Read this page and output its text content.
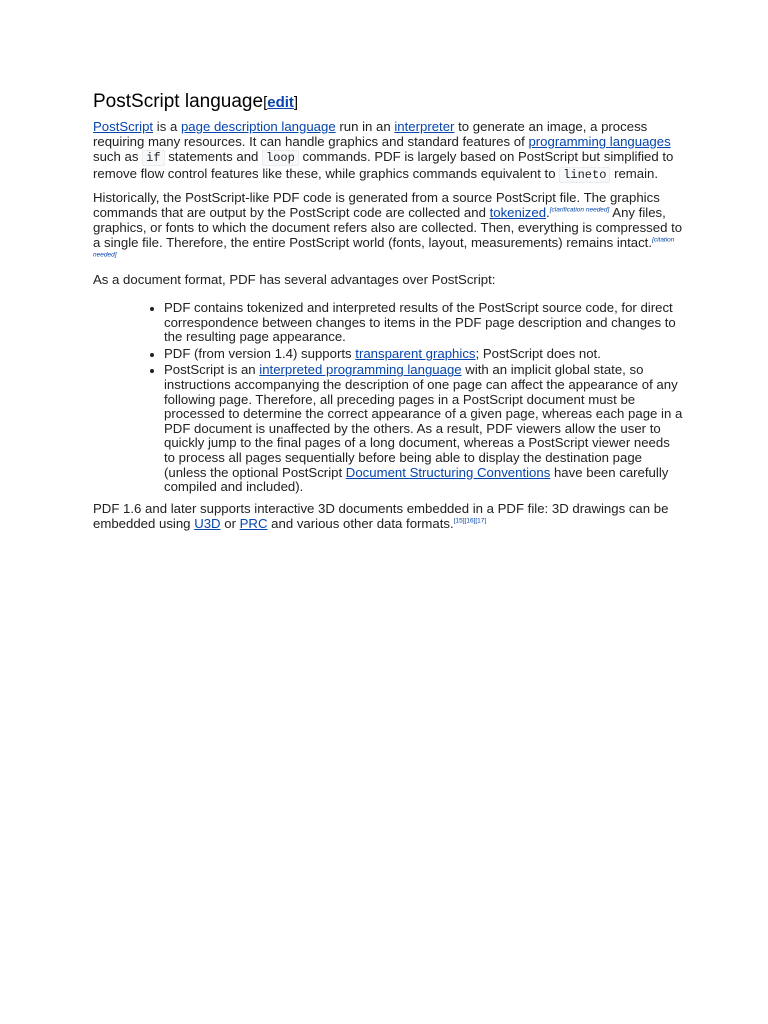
PostScript language[edit]

PostScript is a page description language run in an interpreter to generate an image, a process requiring many resources. It can handle graphics and standard features of programming languages such as if statements and loop commands. PDF is largely based on PostScript but simplified to remove flow control features like these, while graphics commands equivalent to lineto remain.

Historically, the PostScript-like PDF code is generated from a source PostScript file. The graphics commands that are output by the PostScript code are collected and tokenized.[clarification needed] Any files, graphics, or fonts to which the document refers also are collected. Then, everything is compressed to a single file. Therefore, the entire PostScript world (fonts, layout, measurements) remains intact.[citation needed]

As a document format, PDF has several advantages over PostScript:

• PDF contains tokenized and interpreted results of the PostScript source code, for direct correspondence between changes to items in the PDF page description and changes to the resulting page appearance.
• PDF (from version 1.4) supports transparent graphics; PostScript does not.
• PostScript is an interpreted programming language with an implicit global state, so instructions accompanying the description of one page can affect the appearance of any following page. Therefore, all preceding pages in a PostScript document must be processed to determine the correct appearance of a given page, whereas each page in a PDF document is unaffected by the others. As a result, PDF viewers allow the user to quickly jump to the final pages of a long document, whereas a PostScript viewer needs to process all pages sequentially before being able to display the destination page (unless the optional PostScript Document Structuring Conventions have been carefully compiled and included).

PDF 1.6 and later supports interactive 3D documents embedded in a PDF file: 3D drawings can be embedded using U3D or PRC and various other data formats.[15][16][17]
